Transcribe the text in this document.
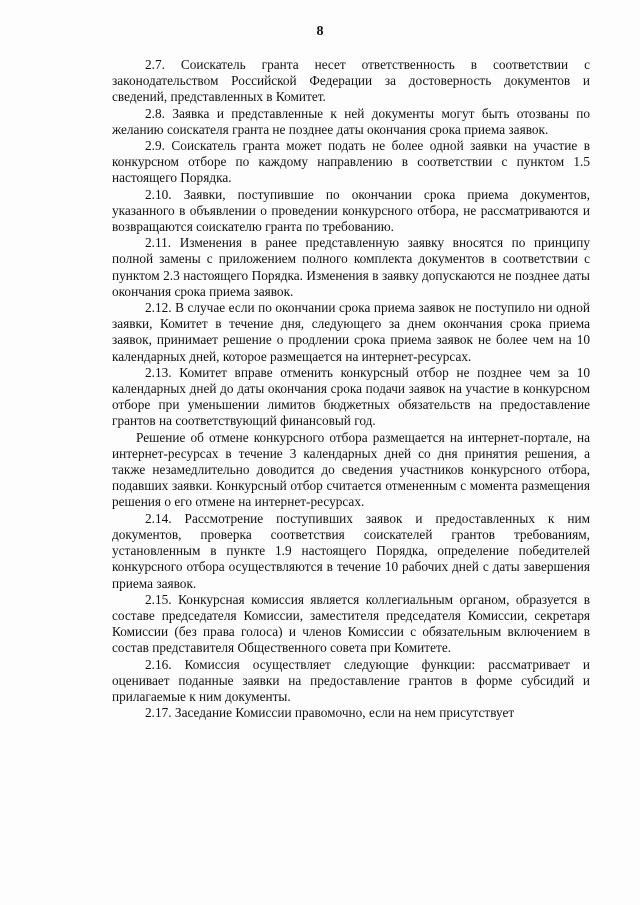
8

2.7. Соискатель гранта несет ответственность в соответствии с законодательством Российской Федерации за достоверность документов и сведений, представленных в Комитет.

2.8. Заявка и представленные к ней документы могут быть отозваны по желанию соискателя гранта не позднее даты окончания срока приема заявок.

2.9. Соискатель гранта может подать не более одной заявки на участие в конкурсном отборе по каждому направлению в соответствии с пунктом 1.5 настоящего Порядка.

2.10. Заявки, поступившие по окончании срока приема документов, указанного в объявлении о проведении конкурсного отбора, не рассматриваются и возвращаются соискателю гранта по требованию.

2.11. Изменения в ранее представленную заявку вносятся по принципу полной замены с приложением полного комплекта документов в соответствии с пунктом 2.3 настоящего Порядка. Изменения в заявку допускаются не позднее даты окончания срока приема заявок.

2.12. В случае если по окончании срока приема заявок не поступило ни одной заявки, Комитет в течение дня, следующего за днем окончания срока приема заявок, принимает решение о продлении срока приема заявок не более чем на 10 календарных дней, которое размещается на интернет-ресурсах.

2.13. Комитет вправе отменить конкурсный отбор не позднее чем за 10 календарных дней до даты окончания срока подачи заявок на участие в конкурсном отборе при уменьшении лимитов бюджетных обязательств на предоставление грантов на соответствующий финансовый год.

Решение об отмене конкурсного отбора размещается на интернет-портале, на интернет-ресурсах в течение 3 календарных дней со дня принятия решения, а также незамедлительно доводится до сведения участников конкурсного отбора, подавших заявки. Конкурсный отбор считается отмененным с момента размещения решения о его отмене на интернет-ресурсах.

2.14. Рассмотрение поступивших заявок и предоставленных к ним документов, проверка соответствия соискателей грантов требованиям, установленным в пункте 1.9 настоящего Порядка, определение победителей конкурсного отбора осуществляются в течение 10 рабочих дней с даты завершения приема заявок.

2.15. Конкурсная комиссия является коллегиальным органом, образуется в составе председателя Комиссии, заместителя председателя Комиссии, секретаря Комиссии (без права голоса) и членов Комиссии с обязательным включением в состав представителя Общественного совета при Комитете.

2.16. Комиссия осуществляет следующие функции: рассматривает и оценивает поданные заявки на предоставление грантов в форме субсидий и прилагаемые к ним документы.

2.17. Заседание Комиссии правомочно, если на нем присутствует
